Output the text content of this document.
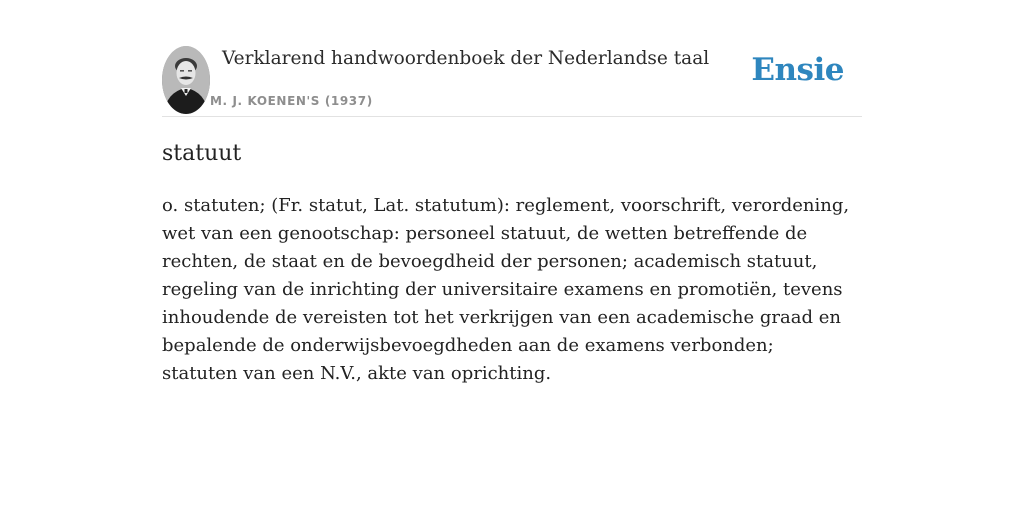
Verklarend handwoordenboek der Nederlandse taal
M. J. KOENEN'S (1937)
Ensie
statuut

o. statuten; (Fr. statut, Lat. statutum): reglement, voorschrift, verordening, wet van een genootschap: personeel statuut, de wetten betreffende de rechten, de staat en de bevoegdheid der personen; academisch statuut, regeling van de inrichting der universitaire examens en promotiën, tevens inhoudende de vereisten tot het verkrijgen van een academische graad en bepalende de onderwijsbevoegdheden aan de examens verbonden; statuten van een N.V., akte van oprichting.
